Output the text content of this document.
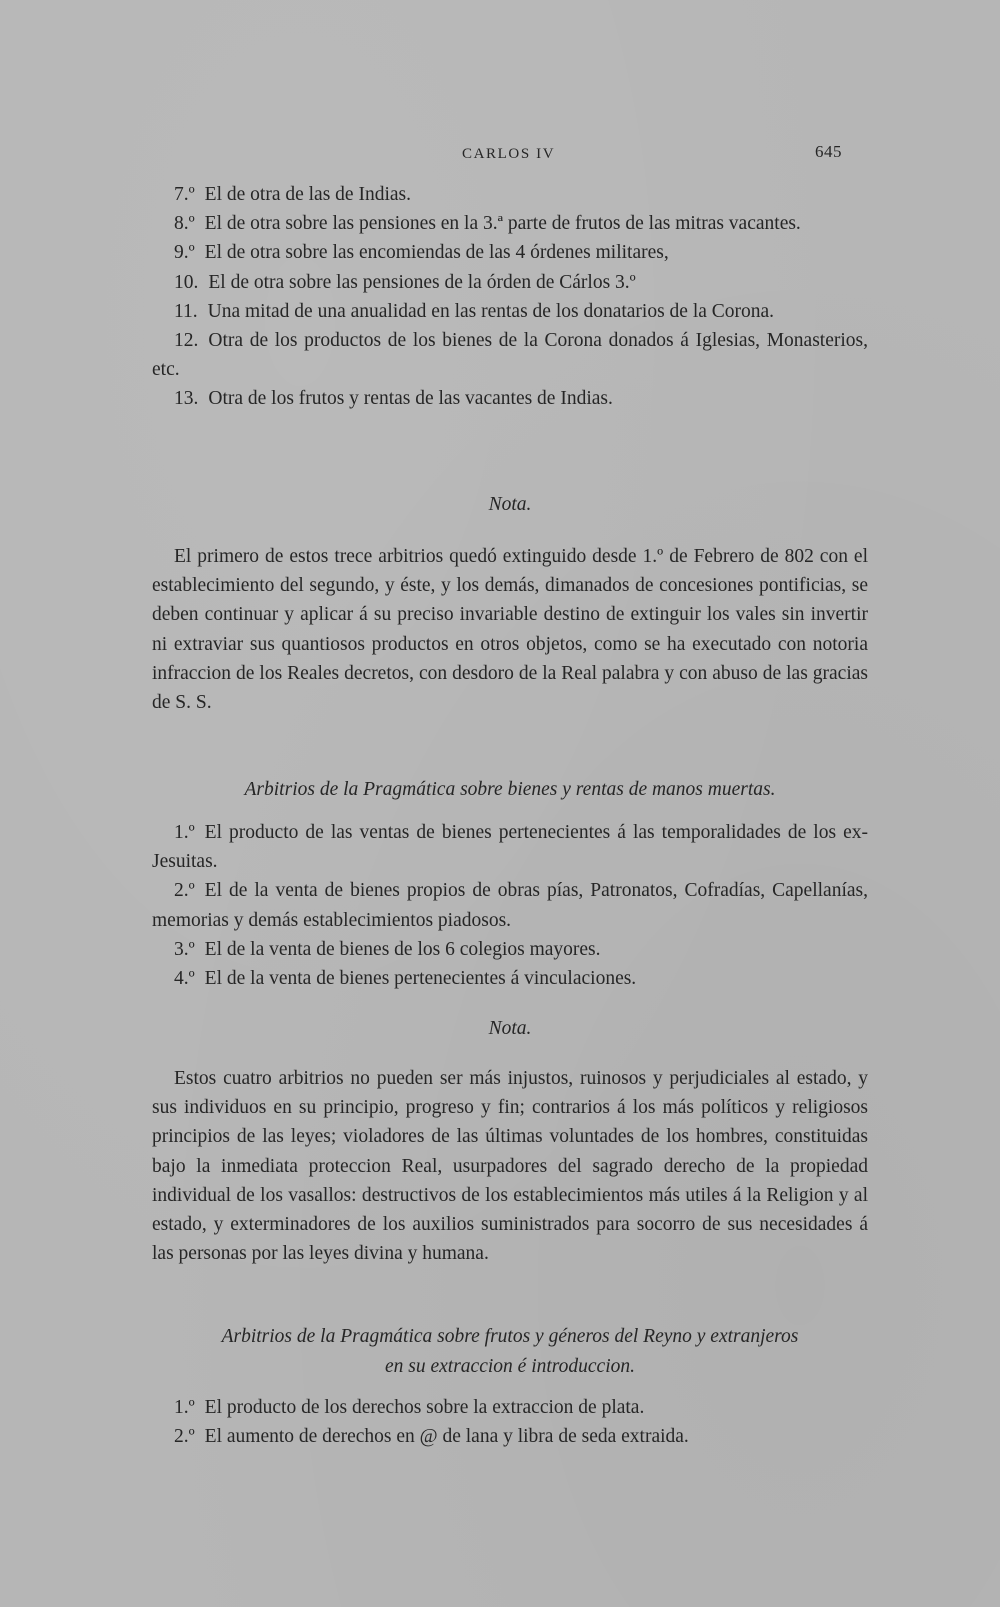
CARLOS IV	645

7.º El de otra de las de Indias.

8.º El de otra sobre las pensiones en la 3.ª parte de frutos de las mitras vacantes.

9.º El de otra sobre las encomiendas de las 4 órdenes militares,

10. El de otra sobre las pensiones de la órden de Cárlos 3.º

11. Una mitad de una anualidad en las rentas de los donatarios de la Corona.

12. Otra de los productos de los bienes de la Corona donados á Iglesias, Monasterios, etc.

13. Otra de los frutos y rentas de las vacantes de Indias.

Nota.

El primero de estos trece arbitrios quedó extinguido desde 1.º de Febrero de 802 con el establecimiento del segundo, y éste, y los demás, dimanados de concesiones pontificias, se deben continuar y aplicar á su preciso invariable destino de extinguir los vales sin invertir ni extraviar sus quantiosos productos en otros objetos, como se ha executado con notoria infraccion de los Reales decretos, con desdoro de la Real palabra y con abuso de las gracias de S. S.

Arbitrios de la Pragmática sobre bienes y rentas de manos muertas.

1.º El producto de las ventas de bienes pertenecientes á las temporalidades de los ex-Jesuitas.

2.º El de la venta de bienes propios de obras pías, Patronatos, Cofradías, Capellanías, memorias y demás establecimientos piadosos.

3.º El de la venta de bienes de los 6 colegios mayores.

4.º El de la venta de bienes pertenecientes á vinculaciones.

Nota.

Estos cuatro arbitrios no pueden ser más injustos, ruinosos y perjudiciales al estado, y sus individuos en su principio, progreso y fin; contrarios á los más políticos y religiosos principios de las leyes; violadores de las últimas voluntades de los hombres, constituidas bajo la inmediata proteccion Real, usurpadores del sagrado derecho de la propiedad individual de los vasallos: destructivos de los establecimientos más utiles á la Religion y al estado, y exterminadores de los auxilios suministrados para socorro de sus necesidades á las personas por las leyes divina y humana.

Arbitrios de la Pragmática sobre frutos y géneros del Reyno y extranjeros

en su extraccion é introduccion.

1.º El producto de los derechos sobre la extraccion de plata.

2.º El aumento de derechos en @ de lana y libra de seda extraida.
